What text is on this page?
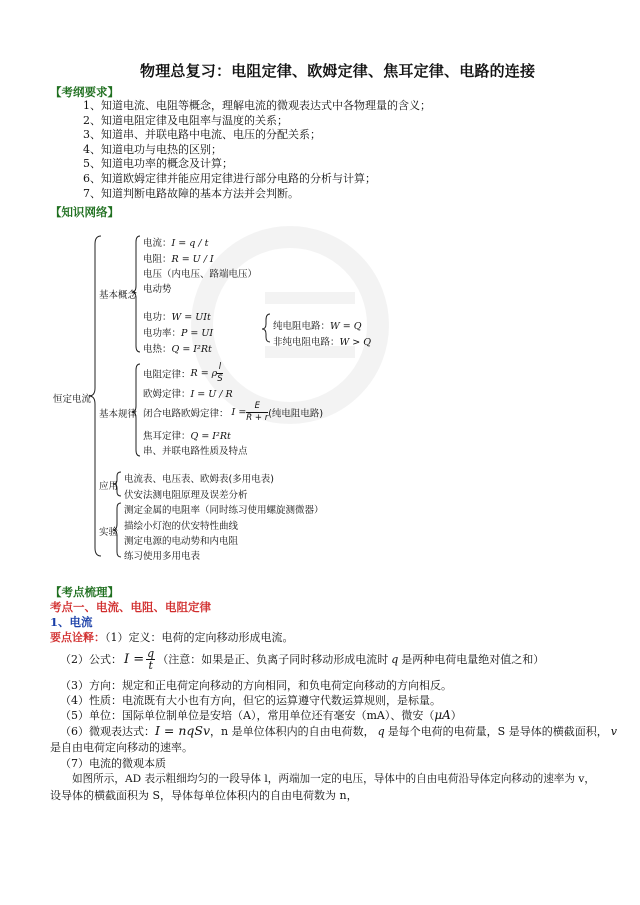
物理总复习：电阻定律、欧姆定律、焦耳定律、电路的连接
【考纲要求】
1、知道电流、电阻等概念，理解电流的微观表达式中各物理量的含义；
2、知道电阻定律及电阻率与温度的关系；
3、知道串、并联电路中电流、电压的分配关系；
4、知道电功与电热的区别；
5、知道电功率的概念及计算；
6、知道欧姆定律并能应用定律进行部分电路的分析与计算；
7、知道判断电路故障的基本方法并会判断。
【知识网络】
恒定电流
基本概念
电流：I = q / t
电阻：R = U / I
电压（内电压、路端电压）
电动势
电功：W = UIt
电功率：P = UI
电热：Q = I²Rt
纯电阻电路：W = Q
非纯电阻电路：W > Q
基本规律
电阻定律：R = ρ $\frac{l}{S}$
欧姆定律：I = U / R
闭合电路欧姆定律： $I = \frac{E}{R + r}$ (纯电阻电路)
焦耳定律：Q = I²Rt
串、并联电路性质及特点
应用
电流表、电压表、欧姆表(多用电表)
伏安法测电阻原理及误差分析
实验
测定金属的电阻率（同时练习使用螺旋测微器）
描绘小灯泡的伏安特性曲线
测定电源的电动势和内电阻
练习使用多用电表
【考点梳理】
考点一、电流、电阻、电阻定律
1、电流
要点诠释：（1）定义：电荷的定向移动形成电流。
（2）公式： $I = \frac{q}{t}$ （注意：如果是正、负离子同时移动形成电流时 q 是两种电荷电量绝对值之和）
（3）方向：规定和正电荷定向移动的方向相同，和负电荷定向移动的方向相反。
（4）性质：电流既有大小也有方向，但它的运算遵守代数运算规则，是标量。
（5）单位：国际单位制单位是安培（A），常用单位还有毫安（mA）、微安（μA）
（6）微观表达式：I = nqSv，n 是单位体积内的自由电荷数， q 是每个电荷的电荷量，S 是导体的横截面积， v
是自由电荷定向移动的速率。
（7）电流的微观本质
如图所示，AD 表示粗细均匀的一段导体 l，两端加一定的电压，导体中的自由电荷沿导体定向移动的速率为 v，
设导体的横截面积为 S，导体每单位体积内的自由电荷数为 n，
